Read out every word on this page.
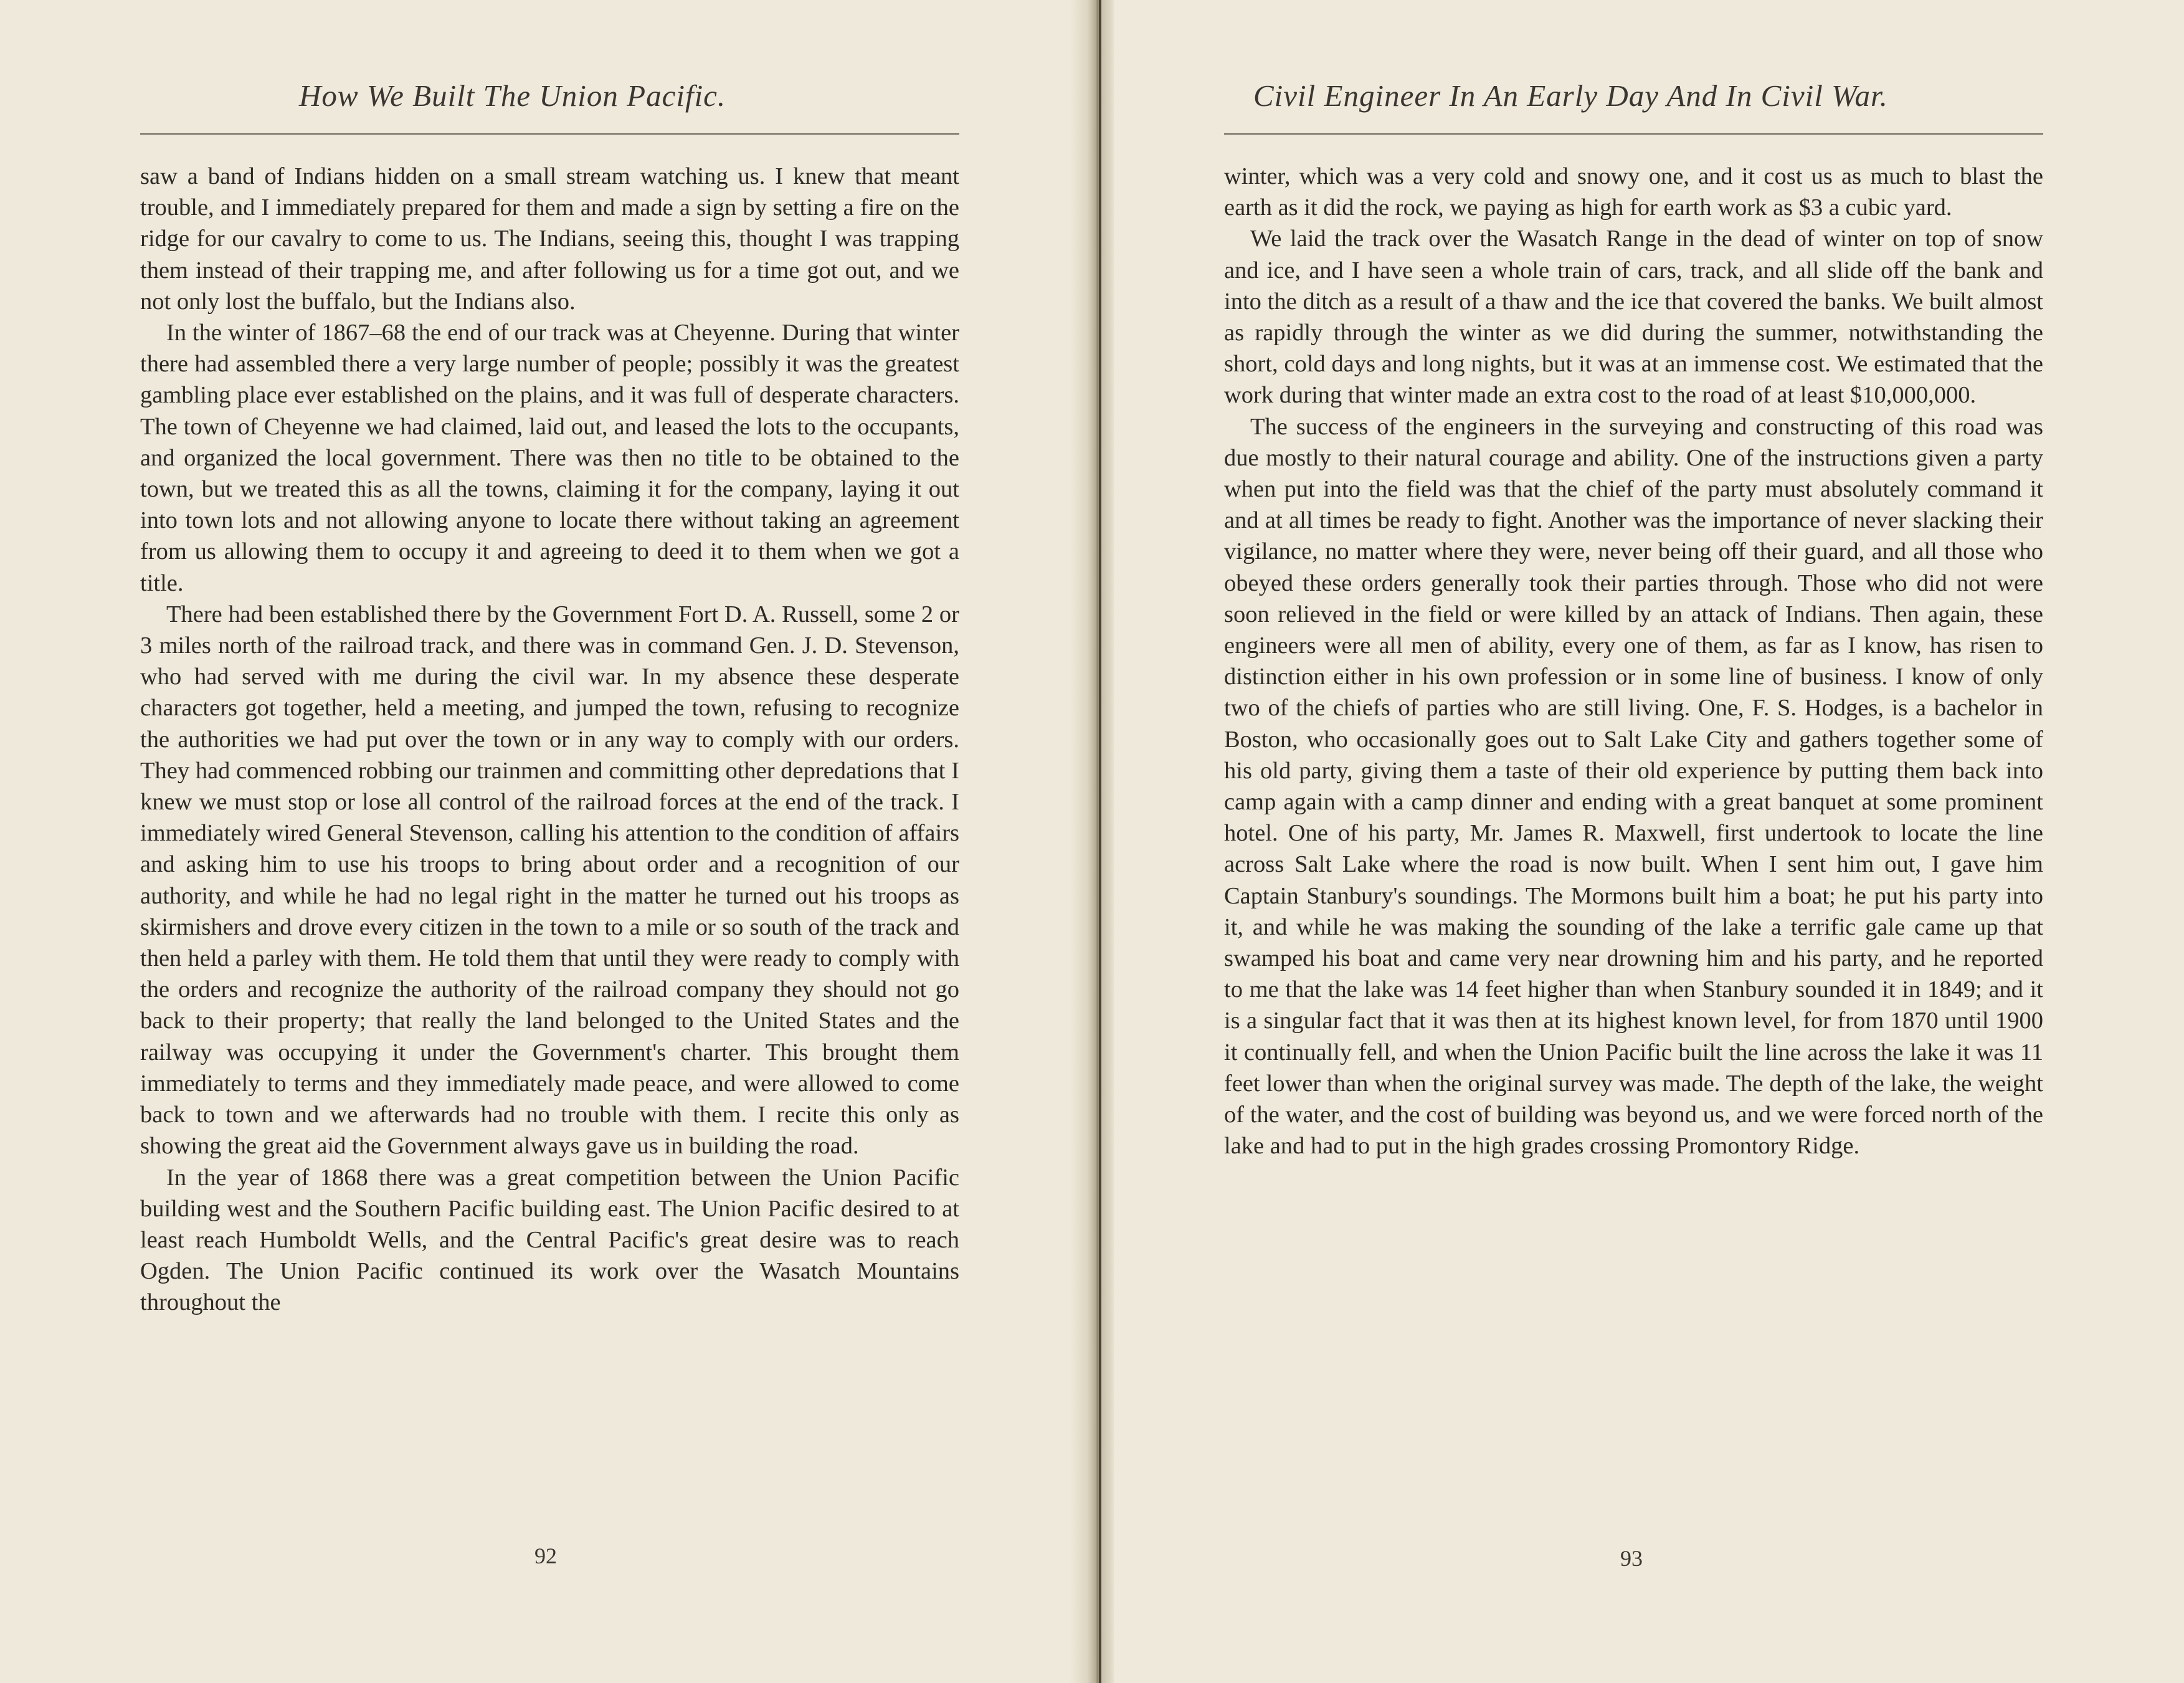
How We Built The Union Pacific.

saw a band of Indians hidden on a small stream watching us. I knew that meant trouble, and I immediately prepared for them and made a sign by setting a fire on the ridge for our cavalry to come to us. The Indians, seeing this, thought I was trapping them instead of their trapping me, and after following us for a time got out, and we not only lost the buffalo, but the Indians also.

In the winter of 1867–68 the end of our track was at Cheyenne. During that winter there had assembled there a very large number of people; possibly it was the greatest gambling place ever established on the plains, and it was full of desperate characters. The town of Cheyenne we had claimed, laid out, and leased the lots to the occupants, and organized the local government. There was then no title to be obtained to the town, but we treated this as all the towns, claiming it for the company, laying it out into town lots and not allowing anyone to locate there without taking an agreement from us allowing them to occupy it and agreeing to deed it to them when we got a title.

There had been established there by the Government Fort D. A. Russell, some 2 or 3 miles north of the railroad track, and there was in command Gen. J. D. Stevenson, who had served with me during the civil war. In my absence these desperate characters got together, held a meeting, and jumped the town, refusing to recognize the authorities we had put over the town or in any way to comply with our orders. They had commenced robbing our trainmen and committing other depredations that I knew we must stop or lose all control of the railroad forces at the end of the track. I immediately wired General Stevenson, calling his attention to the condition of affairs and asking him to use his troops to bring about order and a recognition of our authority, and while he had no legal right in the matter he turned out his troops as skirmishers and drove every citizen in the town to a mile or so south of the track and then held a parley with them. He told them that until they were ready to comply with the orders and recognize the authority of the railroad company they should not go back to their property; that really the land belonged to the United States and the railway was occupying it under the Government's charter. This brought them immediately to terms and they immediately made peace, and were allowed to come back to town and we afterwards had no trouble with them. I recite this only as showing the great aid the Government always gave us in building the road.

In the year of 1868 there was a great competition between the Union Pacific building west and the Southern Pacific building east. The Union Pacific desired to at least reach Humboldt Wells, and the Central Pacific's great desire was to reach Ogden. The Union Pacific continued its work over the Wasatch Mountains throughout the

92
Civil Engineer In An Early Day And In Civil War.

winter, which was a very cold and snowy one, and it cost us as much to blast the earth as it did the rock, we paying as high for earth work as $3 a cubic yard.

We laid the track over the Wasatch Range in the dead of winter on top of snow and ice, and I have seen a whole train of cars, track, and all slide off the bank and into the ditch as a result of a thaw and the ice that covered the banks. We built almost as rapidly through the winter as we did during the summer, notwithstanding the short, cold days and long nights, but it was at an immense cost. We estimated that the work during that winter made an extra cost to the road of at least $10,000,000.

The success of the engineers in the surveying and constructing of this road was due mostly to their natural courage and ability. One of the instructions given a party when put into the field was that the chief of the party must absolutely command it and at all times be ready to fight. Another was the importance of never slacking their vigilance, no matter where they were, never being off their guard, and all those who obeyed these orders generally took their parties through. Those who did not were soon relieved in the field or were killed by an attack of Indians. Then again, these engineers were all men of ability, every one of them, as far as I know, has risen to distinction either in his own profession or in some line of business. I know of only two of the chiefs of parties who are still living. One, F. S. Hodges, is a bachelor in Boston, who occasionally goes out to Salt Lake City and gathers together some of his old party, giving them a taste of their old experience by putting them back into camp again with a camp dinner and ending with a great banquet at some prominent hotel. One of his party, Mr. James R. Maxwell, first undertook to locate the line across Salt Lake where the road is now built. When I sent him out, I gave him Captain Stanbury's soundings. The Mormons built him a boat; he put his party into it, and while he was making the sounding of the lake a terrific gale came up that swamped his boat and came very near drowning him and his party, and he reported to me that the lake was 14 feet higher than when Stanbury sounded it in 1849; and it is a singular fact that it was then at its highest known level, for from 1870 until 1900 it continually fell, and when the Union Pacific built the line across the lake it was 11 feet lower than when the original survey was made. The depth of the lake, the weight of the water, and the cost of building was beyond us, and we were forced north of the lake and had to put in the high grades crossing Promontory Ridge.

93
